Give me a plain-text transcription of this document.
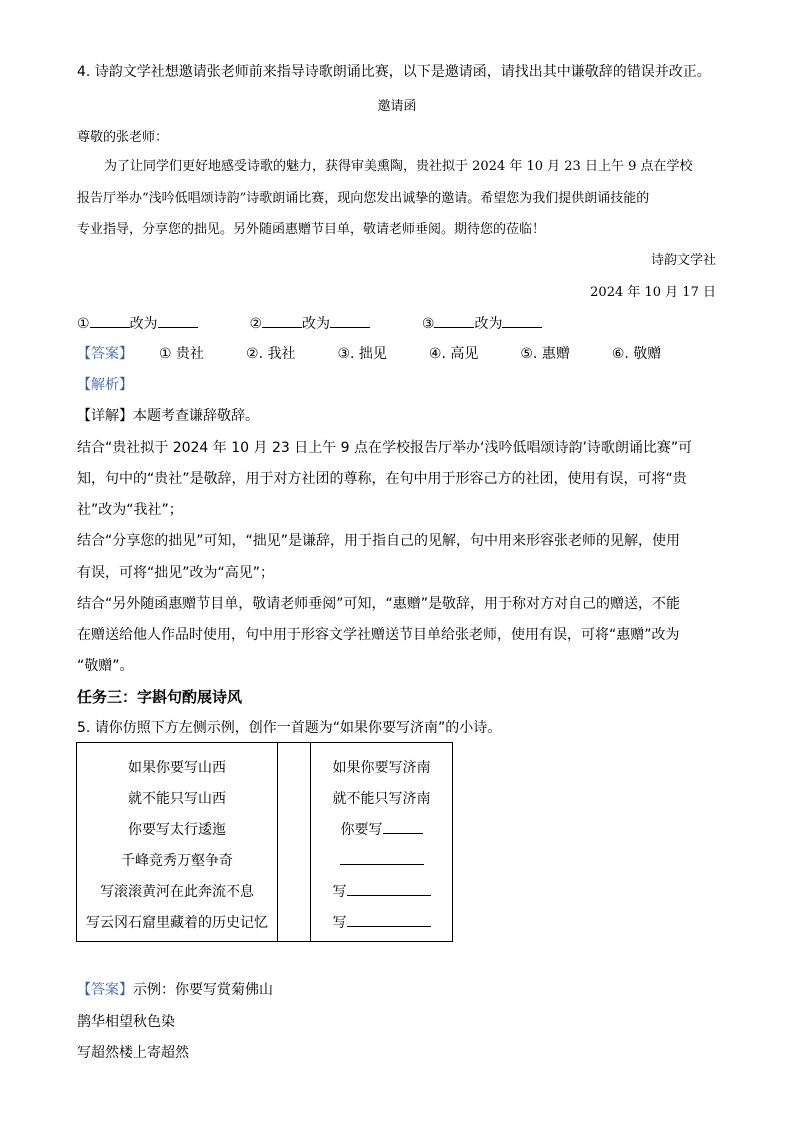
4. 诗韵文学社想邀请张老师前来指导诗歌朗诵比赛，以下是邀请函，请找出其中谦敬辞的错误并改正。
邀请函
尊敬的张老师：
为了让同学们更好地感受诗歌的魅力，获得审美熏陶，贵社拟于 2024 年 10 月 23 日上午 9 点在学校
报告厅举办“浅吟低唱颂诗韵”诗歌朗诵比赛，现向您发出诚挚的邀请。希望您为我们提供朗诵技能的
专业指导，分享您的拙见。另外随函惠赠节目单，敬请老师垂阅。期待您的莅临！
诗韵文学社
2024 年 10 月 17 日
①	改为	②	改为	③	改为
【答案】 ① 贵社	②. 我社	③. 拙见	④. 高见	⑤. 惠赠	⑥. 敬赠
【解析】
【详解】本题考查谦辞敬辞。
结合“贵社拟于 2024 年 10 月 23 日上午 9 点在学校报告厅举办‘浅吟低唱颂诗韵’诗歌朗诵比赛”可
知，句中的“贵社”是敬辞，用于对方社团的尊称，在句中用于形容己方的社团，使用有误，可将“贵
社”改为“我社”；
结合“分享您的拙见”可知，“拙见”是谦辞，用于指自己的见解，句中用来形容张老师的见解，使用
有误，可将“拙见”改为“高见”；
结合“另外随函惠赠节目单，敬请老师垂阅”可知，“惠赠”是敬辞，用于称对方对自己的赠送，不能
在赠送给他人作品时使用，句中用于形容文学社赠送节目单给张老师，使用有误，可将“惠赠”改为
“敬赠”。
任务三：字斟句酌展诗风
5. 请你仿照下方左侧示例，创作一首题为“如果你要写济南”的小诗。
如果你要写山西
就不能只写山西
你要写太行逶迤
千峰竞秀万壑争奇
写滚滚黄河在此奔流不息
写云冈石窟里藏着的历史记忆

如果你要写济南
就不能只写济南
你要写
写
写
【答案】示例：你要写赏菊佛山
鹊华相望秋色染
写超然楼上寄超然
